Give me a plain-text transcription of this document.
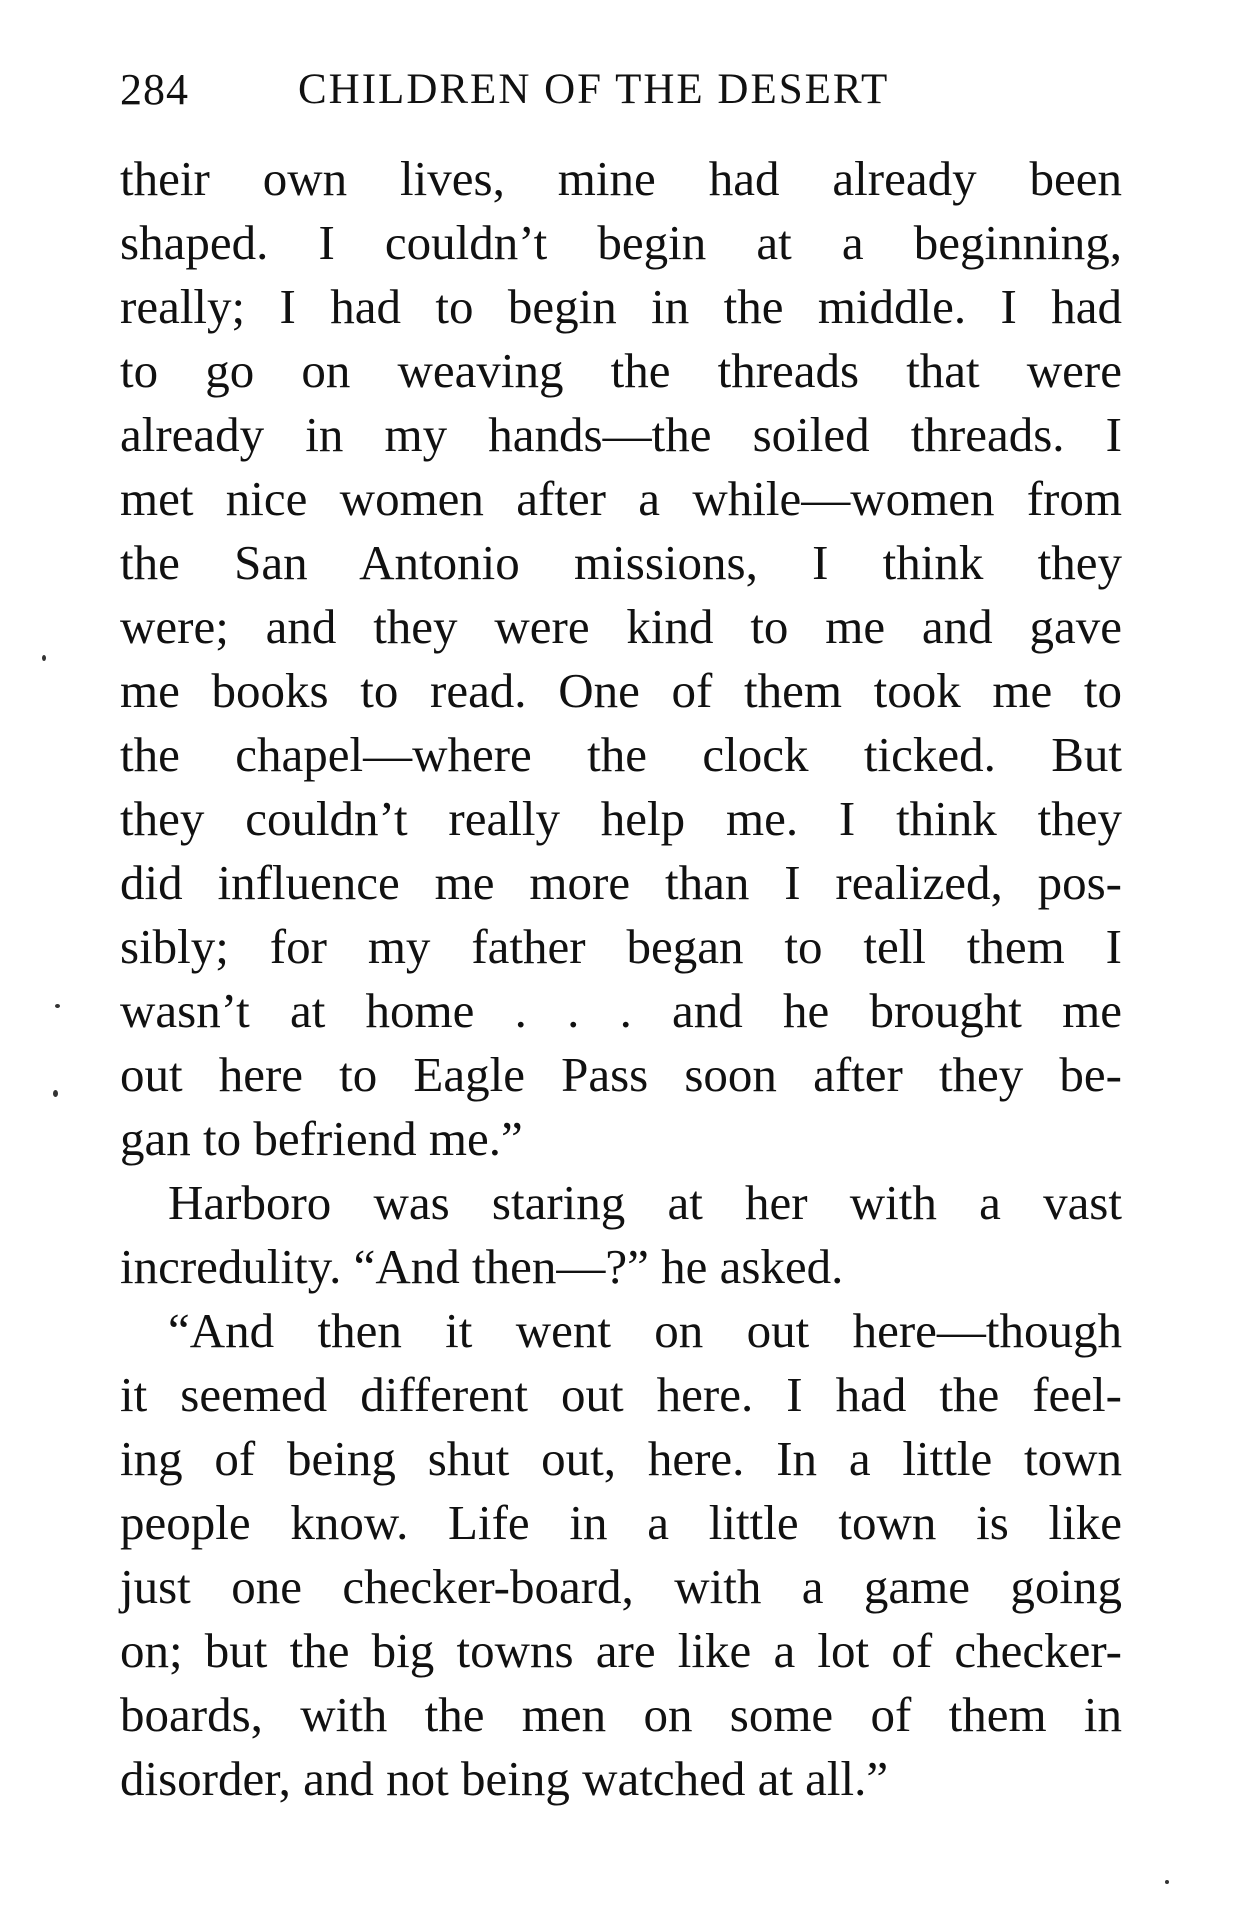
284	CHILDREN OF THE DESERT
their own lives, mine had already been
shaped. I couldn’t begin at a beginning,
really; I had to begin in the middle. I had
to go on weaving the threads that were
already in my hands—the soiled threads. I
met nice women after a while—women from
the San Antonio missions, I think they
were; and they were kind to me and gave
me books to read. One of them took me to
the chapel—where the clock ticked. But
they couldn’t really help me. I think they
did influence me more than I realized, pos-
sibly; for my father began to tell them I
wasn’t at home . . . and he brought me
out here to Eagle Pass soon after they be-
gan to befriend me.”
Harboro was staring at her with a vast
incredulity. “And then—?” he asked.
“And then it went on out here—though
it seemed different out here. I had the feel-
ing of being shut out, here. In a little town
people know. Life in a little town is like
just one checker-board, with a game going
on; but the big towns are like a lot of checker-
boards, with the men on some of them in
disorder, and not being watched at all.”
